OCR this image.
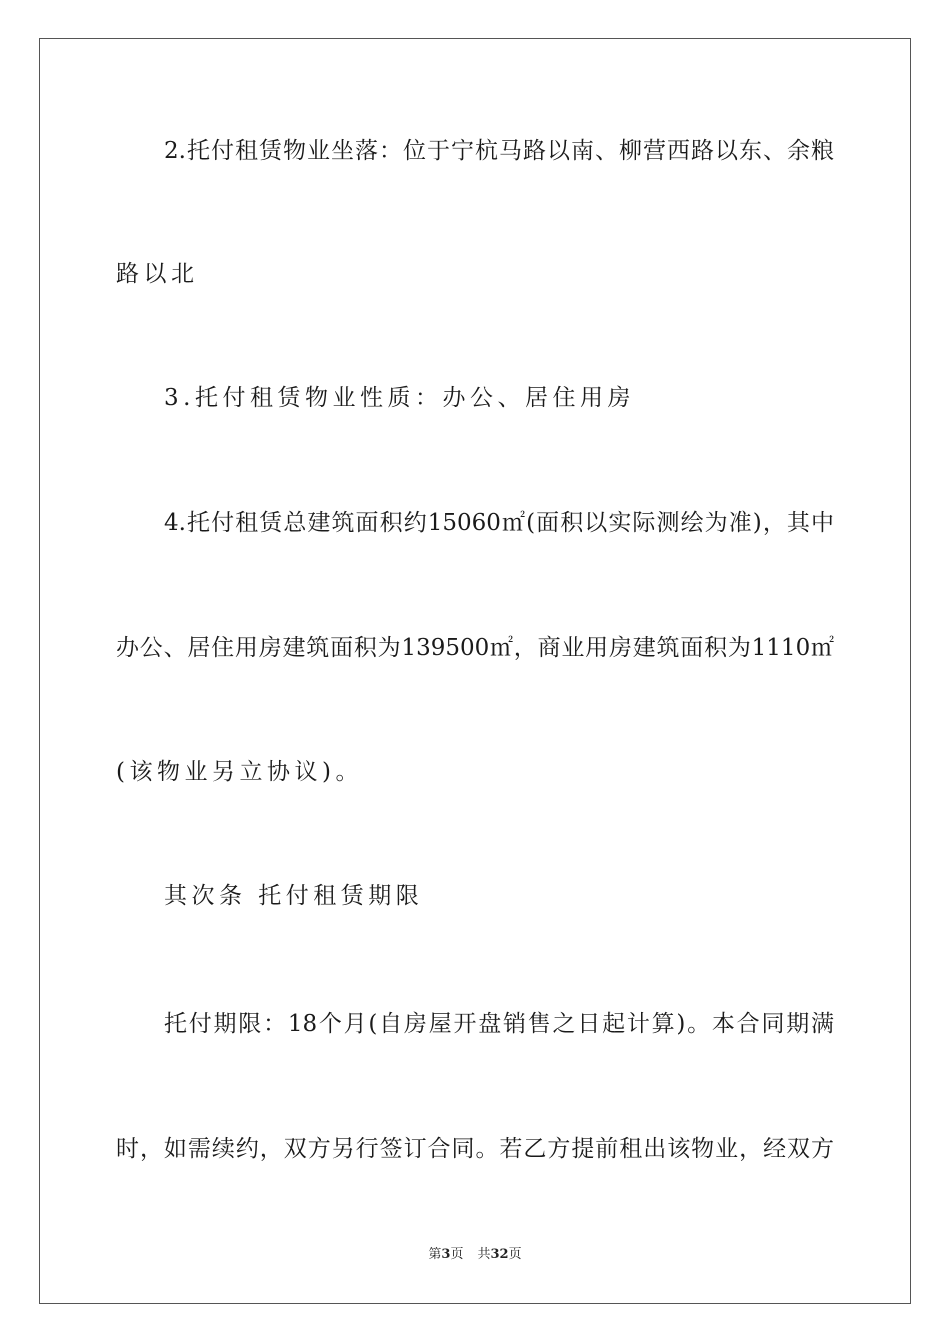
2.托付租赁物业坐落：位于宁杭马路以南、柳营西路以东、余粮
路以北
3.托付租赁物业性质：办公、居住用房
4.托付租赁总建筑面积约15060㎡(面积以实际测绘为准)，其中
办公、居住用房建筑面积为139500㎡，商业用房建筑面积为1110㎡
(该物业另立协议)。
其次条 托付租赁期限
托付期限：18个月(自房屋开盘销售之日起计算)。本合同期满
时，如需续约，双方另行签订合同。若乙方提前租出该物业，经双方
第3页 共32页
